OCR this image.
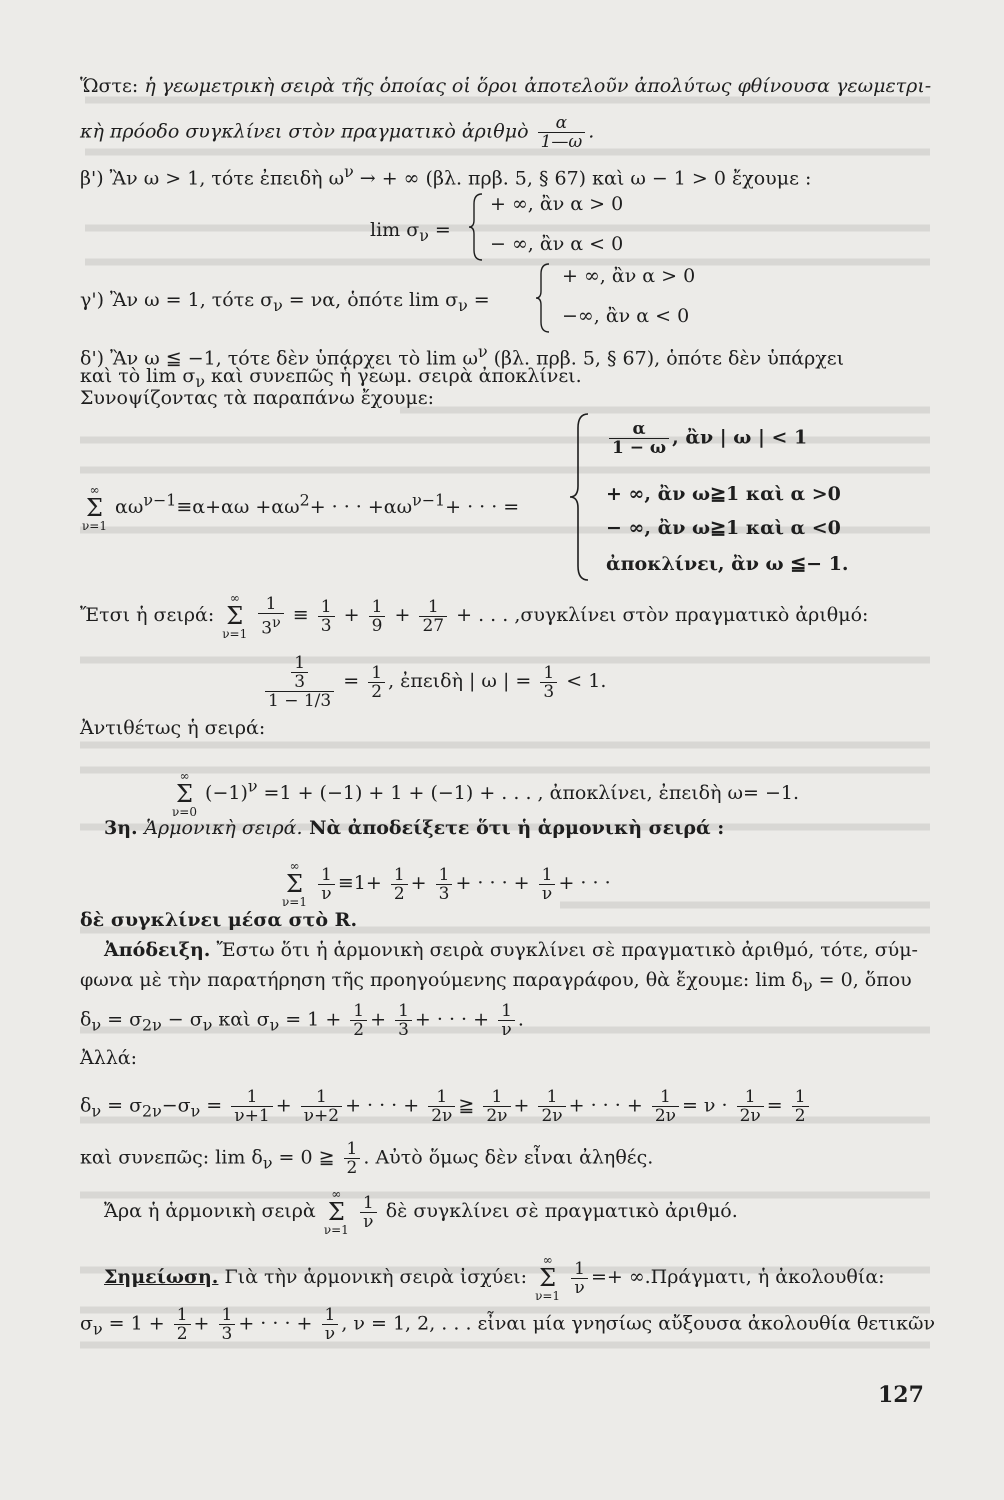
Ὥστε: ἡ γεωμετρικὴ σειρὰ τῆς ὁποίας οἱ ὅροι ἀποτελοῦν ἀπολύτως φθίνουσα γεωμετρι-
κὴ πρόοδο συγκλίνει στὸν πραγματικὸ ἀριθμὸ $\frac{\alpha}{1—\omega}$ .
β') Ἂν ω > 1, τότε ἐπειδὴ $\omega^\nu$ → + ∞ (βλ. πρβ. 5, § 67) καὶ ω − 1 > 0 ἔχουμε :
$\lim \sigma_\nu$ =
+ ∞, ἂν α > 0
− ∞, ἂν α < 0
γ') Ἂν ω = 1, τότε $\sigma_\nu = \nu\alpha$, ὁπότε $\lim \sigma_\nu$ =
+ ∞, ἂν α > 0
−∞, ἂν α < 0
δ') Ἂν ω ≦ −1, τότε δὲν ὑπάρχει τὸ $\lim \omega^\nu$ (βλ. πρβ. 5, § 67), ὁπότε δὲν ὑπάρχει
καὶ τὸ $\lim \sigma_\nu$ καὶ συνεπῶς ἡ γεωμ. σειρὰ ἀποκλίνει.
Συνοψίζοντας τὰ παραπάνω ἔχουμε:
∞
Σ
ν=1 $\alpha\omega^{\nu-1}\equiv\alpha+\alpha\omega +\alpha\omega^2+$ · · · $+\alpha\omega^{\nu-1}+$ · · · =
$\frac{\alpha}{1 - \omega}$ , ἂν | ω | < 1
+ ∞, ἂν ω≧1 καὶ α >0
− ∞, ἂν ω≧1 καὶ α <0
ἀποκλίνει, ἂν ω ≦− 1.
Ἔτσι ἡ σειρά: ∞
Σ
$\nu=1 \frac{1}{3^\nu} \equiv \frac{1}{3} + \frac{1}{9} + \frac{1}{27}$ + . . . ,συγκλίνει στὸν πραγματικὸ ἀριθμό:
$\frac{\frac{1}{3}}{1 - 1/3} = \frac{1}{2}$ , ἐπειδὴ | ω | = $\frac{1}{3} < 1$.
Ἀντιθέτως ἡ σειρά:
∞
Σ
ν=0 $(-1)^\nu =1 + (-1) + 1 + (-1)$ + . . . , ἀποκλίνει, ἐπειδὴ ω= −1.
3η. Ἁρμονικὴ σειρά. Νὰ ἀποδείξετε ὅτι ἡ ἁρμονικὴ σειρά :
∞
Σ
$\nu=1 \frac{1}{\nu} \equiv 1+ \frac{1}{2} + \frac{1}{3}$ + · · · + $\frac{1}{\nu}$ + · · ·
δὲ συγκλίνει μέσα στὸ R.
Ἀπόδειξη. Ἔστω ὅτι ἡ ἁρμονικὴ σειρὰ συγκλίνει σὲ πραγματικὸ ἀριθμό, τότε, σύμ-
φωνα μὲ τὴν παρατήρηση τῆς προηγούμενης παραγράφου, θὰ ἔχουμε: $\lim \delta_\nu = 0$, ὅπου
$\delta_\nu = \sigma_{2\nu} - \sigma_\nu$ καὶ $\sigma_\nu = 1 + \frac{1}{2} + \frac{1}{3}$ + · · · + $\frac{1}{\nu}$ .
Ἀλλά:
$\delta_\nu = \sigma_{2\nu}-\sigma_\nu = \frac{1}{\nu+1} + \frac{1}{\nu+2}$ + · · · + $\frac{1}{2\nu}$ ≧ $\frac{1}{2\nu} + \frac{1}{2\nu}$ + · · · + $\frac{1}{2\nu} = \nu \cdot \frac{1}{2\nu} = \frac{1}{2}$
καὶ συνεπῶς: $\lim \delta_\nu = 0$ ≧ $\frac{1}{2}$ . Αὐτὸ ὅμως δὲν εἶναι ἀληθές.
Ἄρα ἡ ἁρμονικὴ σειρὰ ∞
Σ
$\nu=1 \frac{1}{\nu}$ δὲ συγκλίνει σὲ πραγματικὸ ἀριθμό.
Σημείωση. Γιὰ τὴν ἁρμονικὴ σειρὰ ἰσχύει: ∞
Σ
$\nu=1 \frac{1}{\nu} =+ \infty.\Pi\rho ά\gamma\mu\alpha\tau\iota$, ἡ ἀκολουθία:
$\sigma_\nu = 1 + \frac{1}{2} + \frac{1}{3}$ + · · · + $\frac{1}{\nu}$ , ν = 1, 2, . . . εἶναι μία γνησίως αὔξουσα ἀκολουθία θετικῶν
127
